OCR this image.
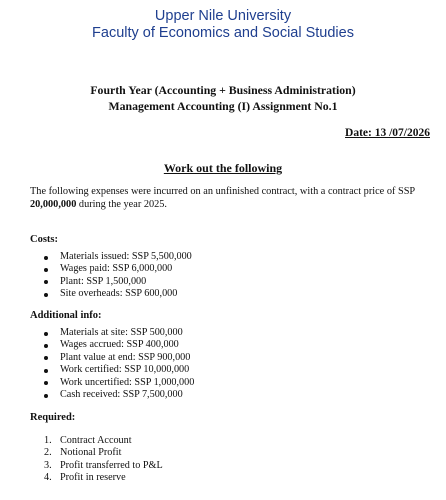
Upper Nile University
Faculty of Economics and Social Studies
Fourth Year (Accounting + Business Administration)
Management Accounting (I) Assignment No.1
Date: 13 /07/2026
Work out the following
The following expenses were incurred on an unfinished contract, with a contract price of SSP 20,000,000 during the year 2025.
Costs:
Materials issued: SSP 5,500,000
Wages paid: SSP 6,000,000
Plant: SSP 1,500,000
Site overheads: SSP 600,000
Additional info:
Materials at site: SSP 500,000
Wages accrued: SSP 400,000
Plant value at end: SSP 900,000
Work certified: SSP 10,000,000
Work uncertified: SSP 1,000,000
Cash received: SSP 7,500,000
Required:
1. Contract Account
2. Notional Profit
3. Profit transferred to P&L
4. Profit in reserve
